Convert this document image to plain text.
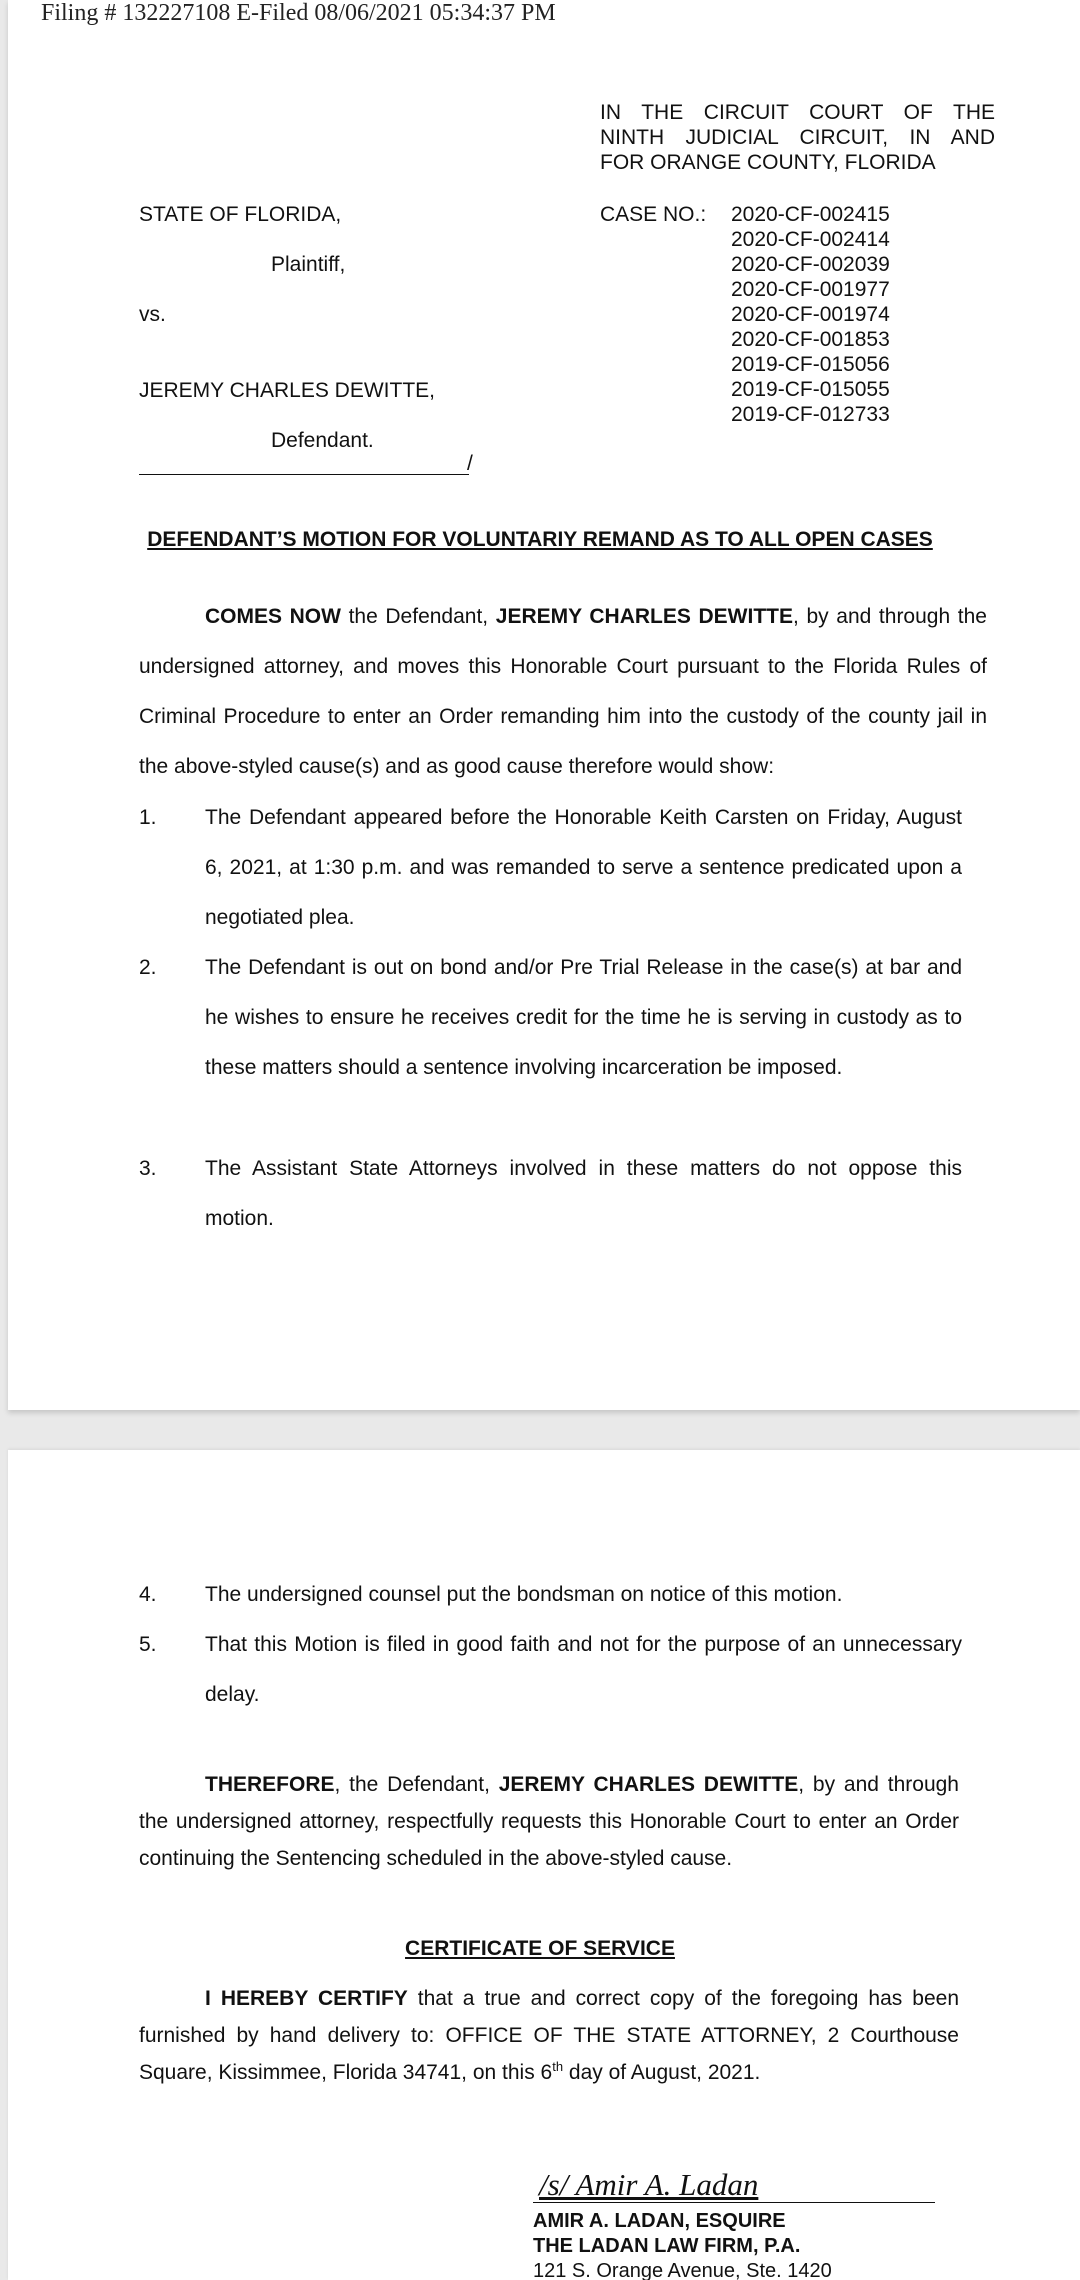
Filing # 132227108 E-Filed 08/06/2021 05:34:37 PM
IN THE CIRCUIT COURT OF THE
NINTH JUDICIAL CIRCUIT, IN AND
FOR ORANGE COUNTY, FLORIDA
STATE OF FLORIDA,
Plaintiff,
vs.
JEREMY CHARLES DEWITTE,
Defendant.
/
CASE NO.: 2020-CF-002415
2020-CF-002414
2020-CF-002039
2020-CF-001977
2020-CF-001974
2020-CF-001853
2019-CF-015056
2019-CF-015055
2019-CF-012733
DEFENDANT’S MOTION FOR VOLUNTARIY REMAND AS TO ALL OPEN CASES
COMES NOW the Defendant, JEREMY CHARLES DEWITTE, by and through the undersigned attorney, and moves this Honorable Court pursuant to the Florida Rules of Criminal Procedure to enter an Order remanding him into the custody of the county jail in the above-styled cause(s) and as good cause therefore would show:
1. The Defendant appeared before the Honorable Keith Carsten on Friday, August 6, 2021, at 1:30 p.m. and was remanded to serve a sentence predicated upon a negotiated plea.
2. The Defendant is out on bond and/or Pre Trial Release in the case(s) at bar and he wishes to ensure he receives credit for the time he is serving in custody as to these matters should a sentence involving incarceration be imposed.
3. The Assistant State Attorneys involved in these matters do not oppose this motion.
4. The undersigned counsel put the bondsman on notice of this motion.
5. That this Motion is filed in good faith and not for the purpose of an unnecessary delay.
THEREFORE, the Defendant, JEREMY CHARLES DEWITTE, by and through the undersigned attorney, respectfully requests this Honorable Court to enter an Order continuing the Sentencing scheduled in the above-styled cause.
CERTIFICATE OF SERVICE
I HEREBY CERTIFY that a true and correct copy of the foregoing has been furnished by hand delivery to: OFFICE OF THE STATE ATTORNEY, 2 Courthouse Square, Kissimmee, Florida 34741, on this 6th day of August, 2021.
/s/ Amir A. Ladan
AMIR A. LADAN, ESQUIRE
THE LADAN LAW FIRM, P.A.
121 S. Orange Avenue, Ste. 1420
